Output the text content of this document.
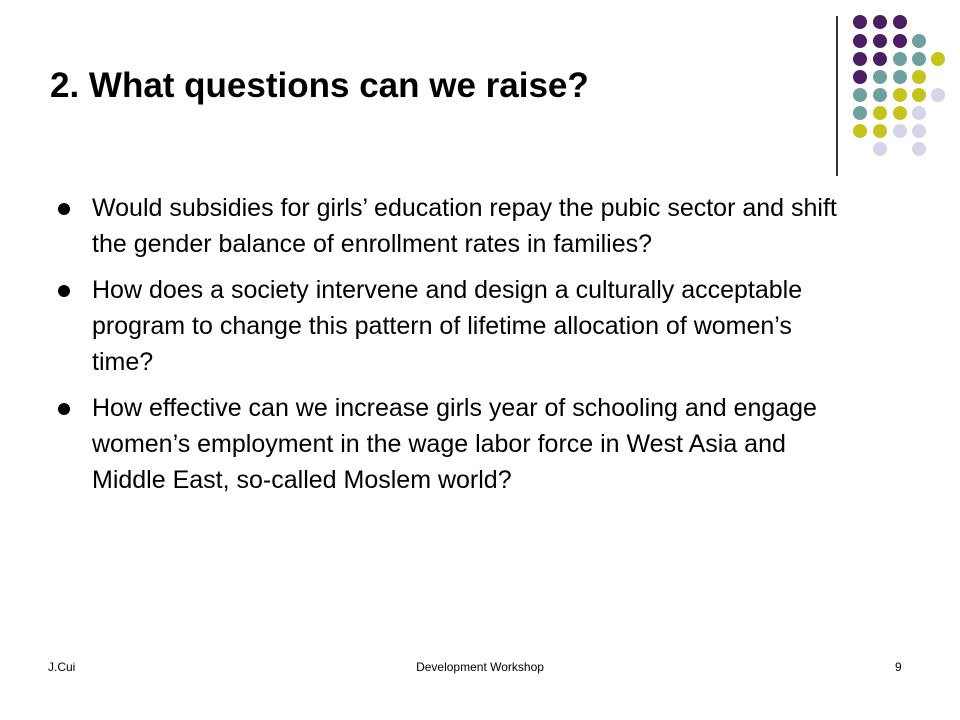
2. What questions can we raise?
Would subsidies for girls’ education repay the pubic sector and shift the gender balance of enrollment rates in families?
How does a society intervene and design a culturally acceptable program to change this pattern of lifetime allocation of women’s time?
How effective can we increase girls year of schooling and engage women’s employment in the wage labor force in West Asia and Middle East, so-called Moslem world?
J.Cui	Development Workshop	9
